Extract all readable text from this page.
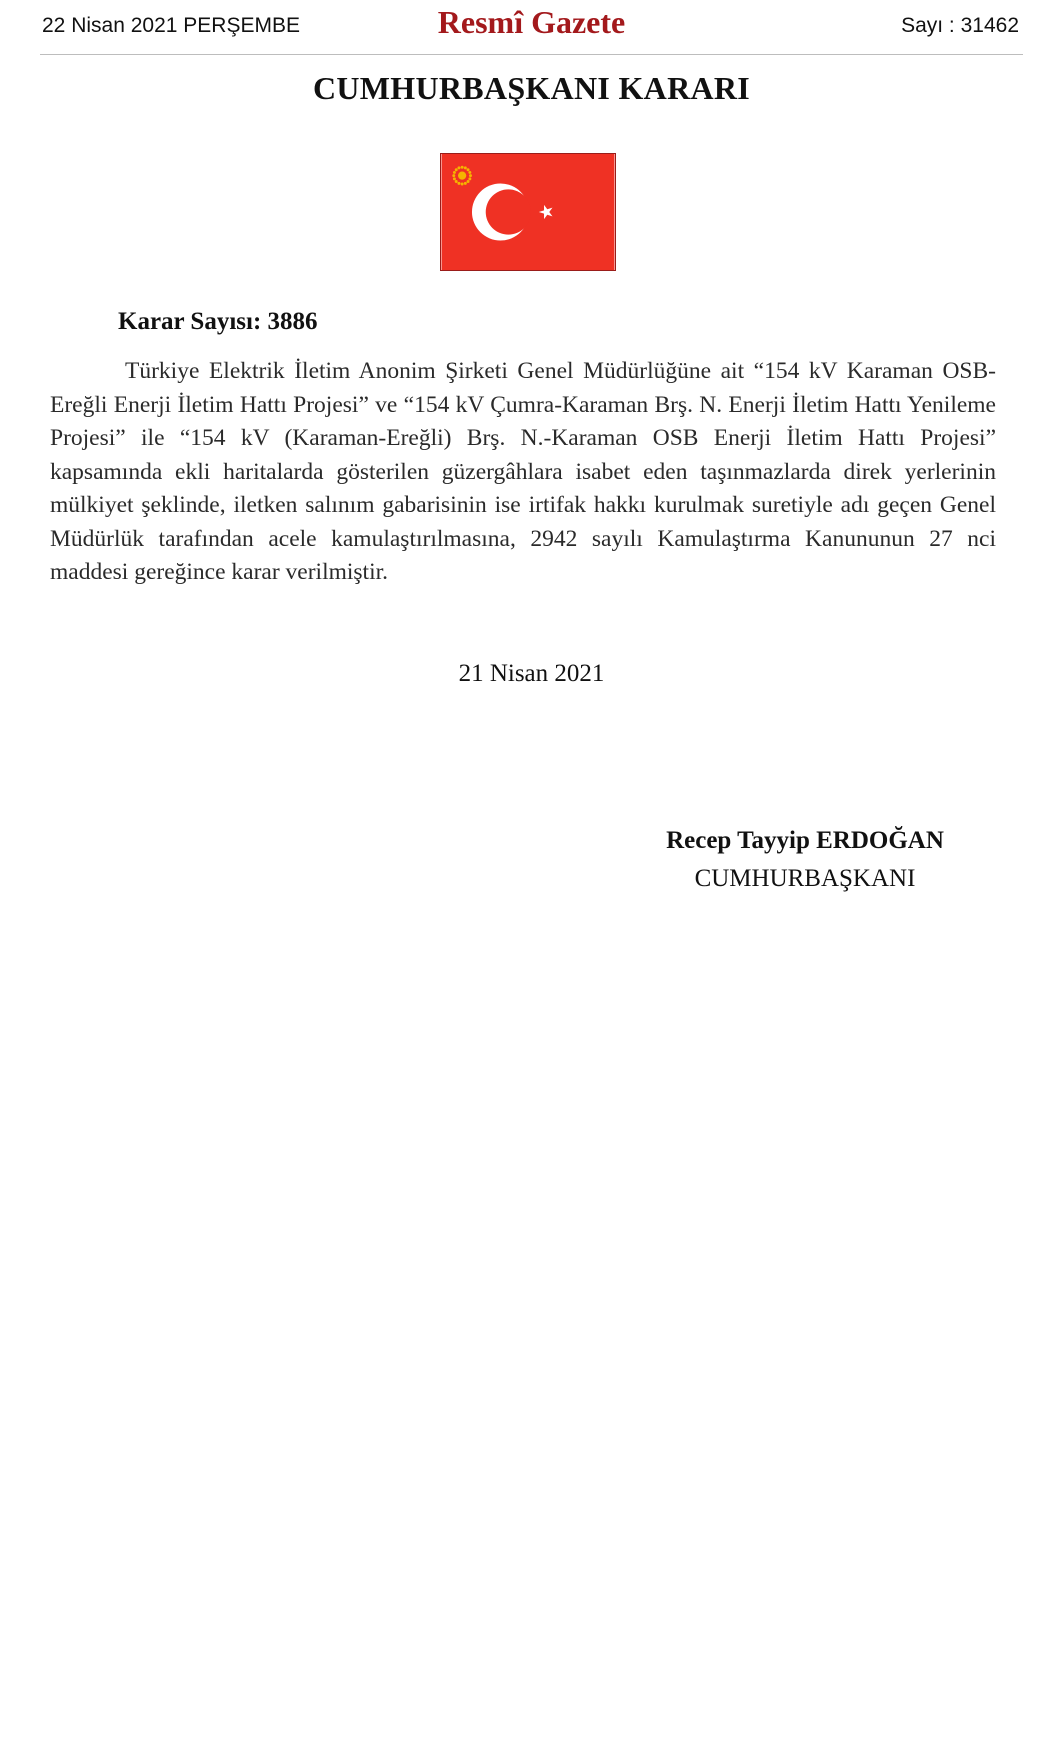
22 Nisan 2021 PERŞEMBE	Resmî Gazete	Sayı : 31462
CUMHURBAŞKANI KARARI
Karar Sayısı: 3886

Türkiye Elektrik İletim Anonim Şirketi Genel Müdürlüğüne ait “154 kV Karaman OSB-Ereğli Enerji İletim Hattı Projesi” ve “154 kV Çumra-Karaman Brş. N. Enerji İletim Hattı Yenileme Projesi” ile “154 kV (Karaman-Ereğli) Brş. N.-Karaman OSB Enerji İletim Hattı Projesi” kapsamında ekli haritalarda gösterilen güzergâhlara isabet eden taşınmazlarda direk yerlerinin mülkiyet şeklinde, iletken salınım gabarisinin ise irtifak hakkı kurulmak suretiyle adı geçen Genel Müdürlük tarafından acele kamulaştırılmasına, 2942 sayılı Kamulaştırma Kanununun 27 nci maddesi gereğince karar verilmiştir.

21 Nisan 2021
Recep Tayyip ERDOĞAN
CUMHURBAŞKANI
